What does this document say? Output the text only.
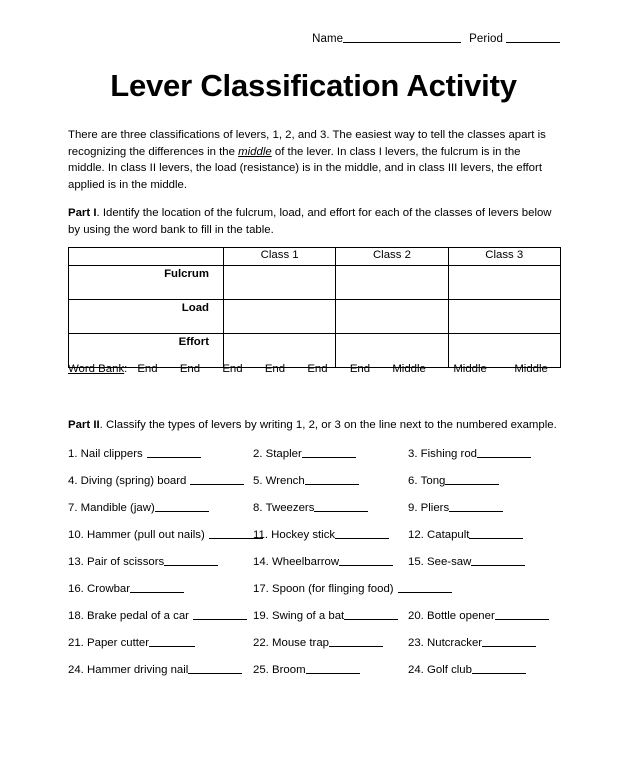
Name	Period
Lever Classification Activity
There are three classifications of levers, 1, 2, and 3. The easiest way to tell the classes apart is recognizing the differences in the middle of the lever. In class I levers, the fulcrum is in the middle. In class II levers, the load (resistance) is in the middle, and in class III levers, the effort applied is in the middle.
Part I. Identify the location of the fulcrum, load, and effort for each of the classes of levers below by using the word bank to fill in the table.
	Class 1	Class 2	Class 3
Fulcrum			
Load			
Effort			
Word Bank: End End End End End End Middle Middle Middle
Part II. Classify the types of levers by writing 1, 2, or 3 on the line next to the numbered example.
1. Nail clippers	2. Stapler	3. Fishing rod
4. Diving (spring) board	5. Wrench	6. Tong
7. Mandible (jaw)	8. Tweezers	9. Pliers
10. Hammer (pull out nails)	11. Hockey stick	12. Catapult
13. Pair of scissors	14. Wheelbarrow	15. See-saw
16. Crowbar	17. Spoon (for flinging food)
18. Brake pedal of a car	19. Swing of a bat	20. Bottle opener
21. Paper cutter	22. Mouse trap	23. Nutcracker
24. Hammer driving nail	25. Broom	24. Golf club
